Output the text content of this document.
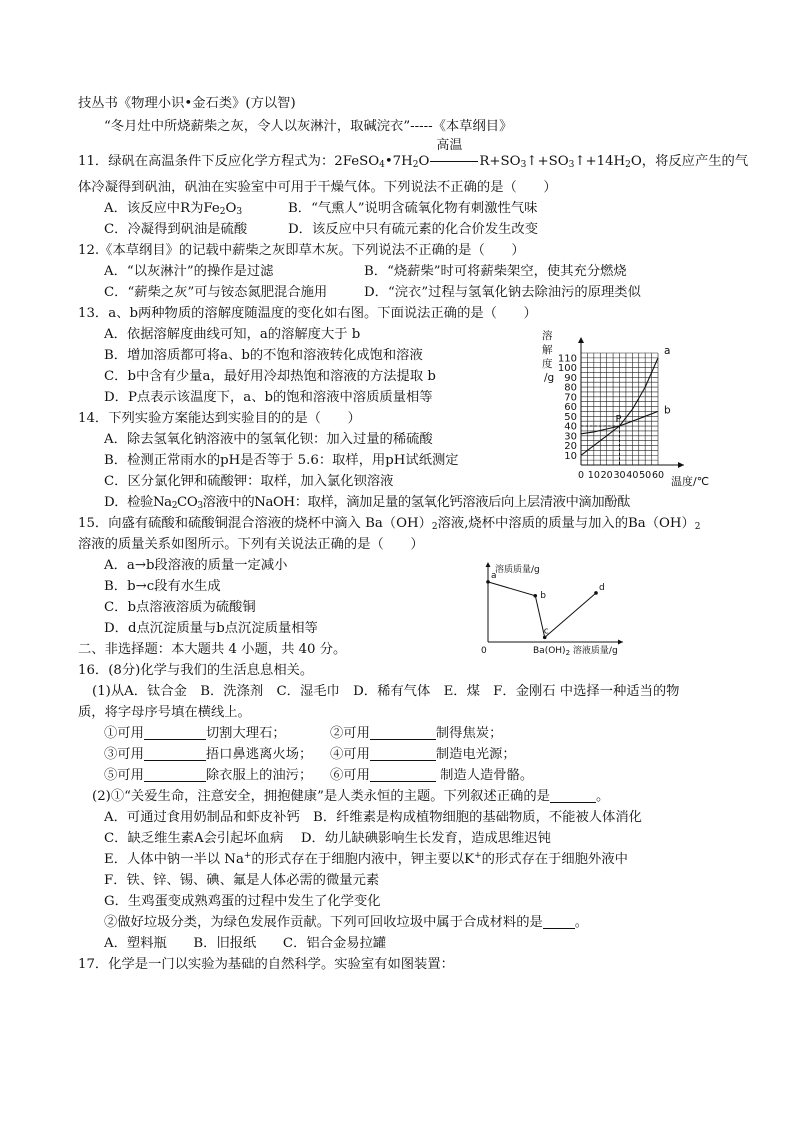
技丛书《物理小识•金石类》(方以智)
“冬月灶中所烧薪柴之灰，令人以灰淋汁，取碱浣衣”-----《本草纲目》
11．绿矾在高温条件下反应化学方程式为：$2FeSO_4•7H_2O$
高温
$R+SO_3↑+SO_3↑+14H_2O$，将反应产生的气
体冷凝得到矾油，矾油在实验室中可用于干燥气体。下列说法不正确的是（　　）
A．该反应中R为$Fe_2O_3$	B．“气熏人”说明含硫氧化物有刺激性气味
C．冷凝得到矾油是硫酸	D．该反应中只有硫元素的化合价发生改变
12.《本草纲目》的记载中薪柴之灰即草木灰。下列说法不正确的是（　　）
A．“以灰淋汁”的操作是过滤	B．“烧薪柴”时可将薪柴架空，使其充分燃烧
C．“薪柴之灰”可与铵态氮肥混合施用	D．“浣衣”过程与氢氧化钠去除油污的原理类似
13．a、b两种物质的溶解度随温度的变化如右图。下面说法正确的是（　　）
A．依据溶解度曲线可知，a的溶解度大于 b
B．增加溶质都可将a、b的不饱和溶液转化成饱和溶液
C．b中含有少量a，最好用冷却热饱和溶液的方法提取 b
D．P点表示该温度下，a、b的饱和溶液中溶质质量相等
14．下列实验方案能达到实验目的的是（　　）
A．除去氢氧化钠溶液中的氢氧化钡：加入过量的稀硫酸
B．检测正常雨水的pH是否等于 5.6：取样，用pH试纸测定
C．区分氯化钾和硫酸钾：取样，加入氯化钡溶液
D．检验$Na_2CO_3$溶液中的NaOH：取样，滴加足量的氢氧化钙溶液后向上层清液中滴加酚酞
15．向盛有硫酸和硫酸铜混合溶液的烧杯中滴入 $Ba(OH)_2$溶液,烧杯中溶质的质量与加入的$Ba(OH)_2$
溶液的质量关系如图所示。下列有关说法正确的是（　　）
A．a→b段溶液的质量一定减小
B．b→c段有水生成
C．b点溶液溶质为硫酸铜
D．d点沉淀质量与b点沉淀质量相等
二、非选择题：本大题共 4 小题，共 40 分。
16．(8分)化学与我们的生活息息相关。
(1)从A．钛合金　B．洗涤剂　C．湿毛巾　D．稀有气体　E．煤　F．金刚石 中选择一种适当的物
质，将字母序号填在横线上。
①可用	切割大理石；	②可用	制得焦炭；
③可用	捂口鼻逃离火场； ④可用	制造电光源；
⑤可用	除衣服上的油污； ⑥可用	制造人造骨骼。
(2)①“关爱生命，注意安全，拥抱健康”是人类永恒的主题。下列叙述正确的是	。
A．可通过食用奶制品和虾皮补钙　B．纤维素是构成植物细胞的基础物质，不能被人体消化
C．缺乏维生素A会引起坏血病　 D．幼儿缺碘影响生长发育，造成思维迟钝
E．人体中钠一半以 Na+的形式存在于细胞内液中，钾主要以K+的形式存在于细胞外液中
F．铁、锌、锡、碘、氟是人体必需的微量元素
G．生鸡蛋变成熟鸡蛋的过程中发生了化学变化
②做好垃圾分类，为绿色发展作贡献。下列可回收垃圾中属于合成材料的是 。
A．塑料瓶　　B．旧报纸　　C．铝合金易拉罐
17．化学是一门以实验为基础的自然科学。实验室有如图装置：
溶
解
度
/g
10
20
30
40
50
60
70
80
90
100
110
0 10 20 30 40 50 60
a
b
P
温度/℃
a
b
c
d
溶质质量/g
0	$Ba(OH)_2$ 溶液质量/g
